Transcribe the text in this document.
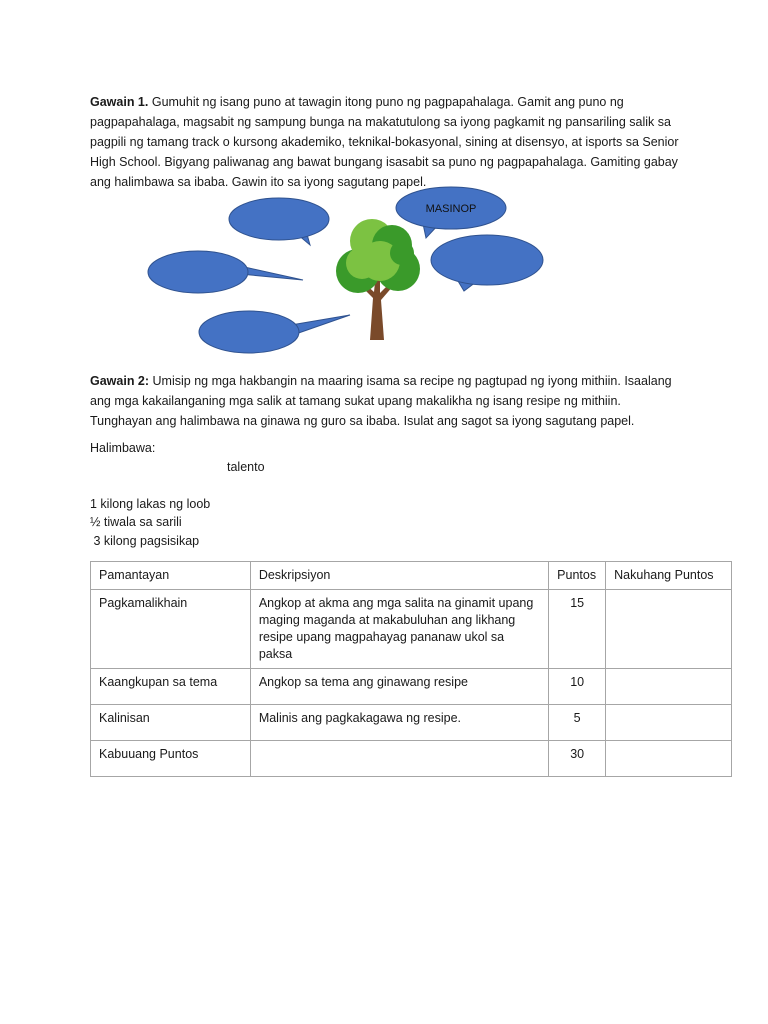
Gawain 1. Gumuhit ng isang puno at tawagin itong puno ng pagpapahalaga. Gamit ang puno ng pagpapahalaga, magsabit ng sampung bunga na makatutulong sa iyong pagkamit ng pansariling salik sa pagpili ng tamang track o kursong akademiko, teknikal-bokasyonal, sining at disensyo, at isports sa Senior High School. Bigyang paliwanag ang bawat bungang isasabit sa puno ng pagpapahalaga. Gamiting gabay ang halimbawa sa ibaba. Gawin ito sa iyong sagutang papel.

MASINOP

Gawain 2: Umisip ng mga hakbangin na maaring isama sa recipe ng pagtupad ng iyong mithiin. Isaalang ang mga kakailanganing mga salik at tamang sukat upang makalikha ng isang resipe ng mithiin. Tunghayan ang halimbawa na ginawa ng guro sa ibaba. Isulat ang sagot sa iyong sagutang papel.

Halimbawa:

talento

1 kilong lakas ng loob

½ tiwala sa sarili

3 kilong pagsisikap

Pamantayan	Deskripsiyon	Puntos	Nakuhang Puntos
Pagkamalikhain	Angkop at akma ang mga salita na ginamit upang maging maganda at makabuluhan ang likhang resipe upang magpahayag pananaw ukol sa paksa	15	
Kaangkupan sa tema	Angkop sa tema ang ginawang resipe	10	
Kalinisan	Malinis ang pagkakagawa ng resipe.	5	
Kabuuang Puntos		30	
